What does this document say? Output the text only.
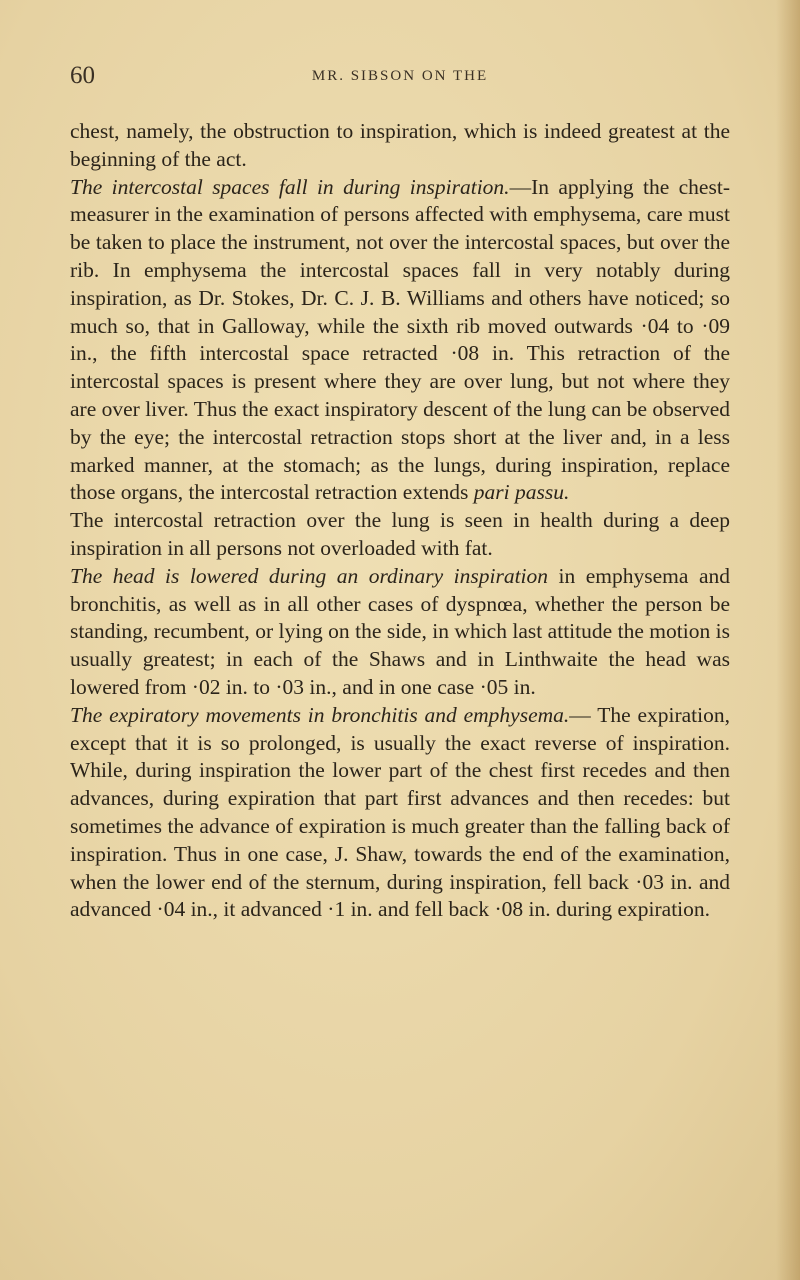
60	MR. SIBSON ON THE

chest, namely, the obstruction to inspiration, which is indeed greatest at the beginning of the act.

The intercostal spaces fall in during inspiration.—In applying the chest-measurer in the examination of persons affected with emphysema, care must be taken to place the instrument, not over the intercostal spaces, but over the rib. In emphysema the intercostal spaces fall in very notably during inspiration, as Dr. Stokes, Dr. C. J. B. Williams and others have noticed; so much so, that in Galloway, while the sixth rib moved outwards ·04 to ·09 in., the fifth intercostal space retracted ·08 in. This retraction of the intercostal spaces is present where they are over lung, but not where they are over liver. Thus the exact inspiratory descent of the lung can be observed by the eye; the intercostal retraction stops short at the liver and, in a less marked manner, at the stomach; as the lungs, during inspiration, replace those organs, the intercostal retraction extends pari passu.

The intercostal retraction over the lung is seen in health during a deep inspiration in all persons not overloaded with fat.

The head is lowered during an ordinary inspiration in emphysema and bronchitis, as well as in all other cases of dyspnœa, whether the person be standing, recumbent, or lying on the side, in which last attitude the motion is usually greatest; in each of the Shaws and in Linthwaite the head was lowered from ·02 in. to ·03 in., and in one case ·05 in.

The expiratory movements in bronchitis and emphysema.— The expiration, except that it is so prolonged, is usually the exact reverse of inspiration. While, during inspiration the lower part of the chest first recedes and then advances, during expiration that part first advances and then recedes: but sometimes the advance of expiration is much greater than the falling back of inspiration. Thus in one case, J. Shaw, towards the end of the examination, when the lower end of the sternum, during inspiration, fell back ·03 in. and advanced ·04 in., it advanced ·1 in. and fell back ·08 in. during expiration.
